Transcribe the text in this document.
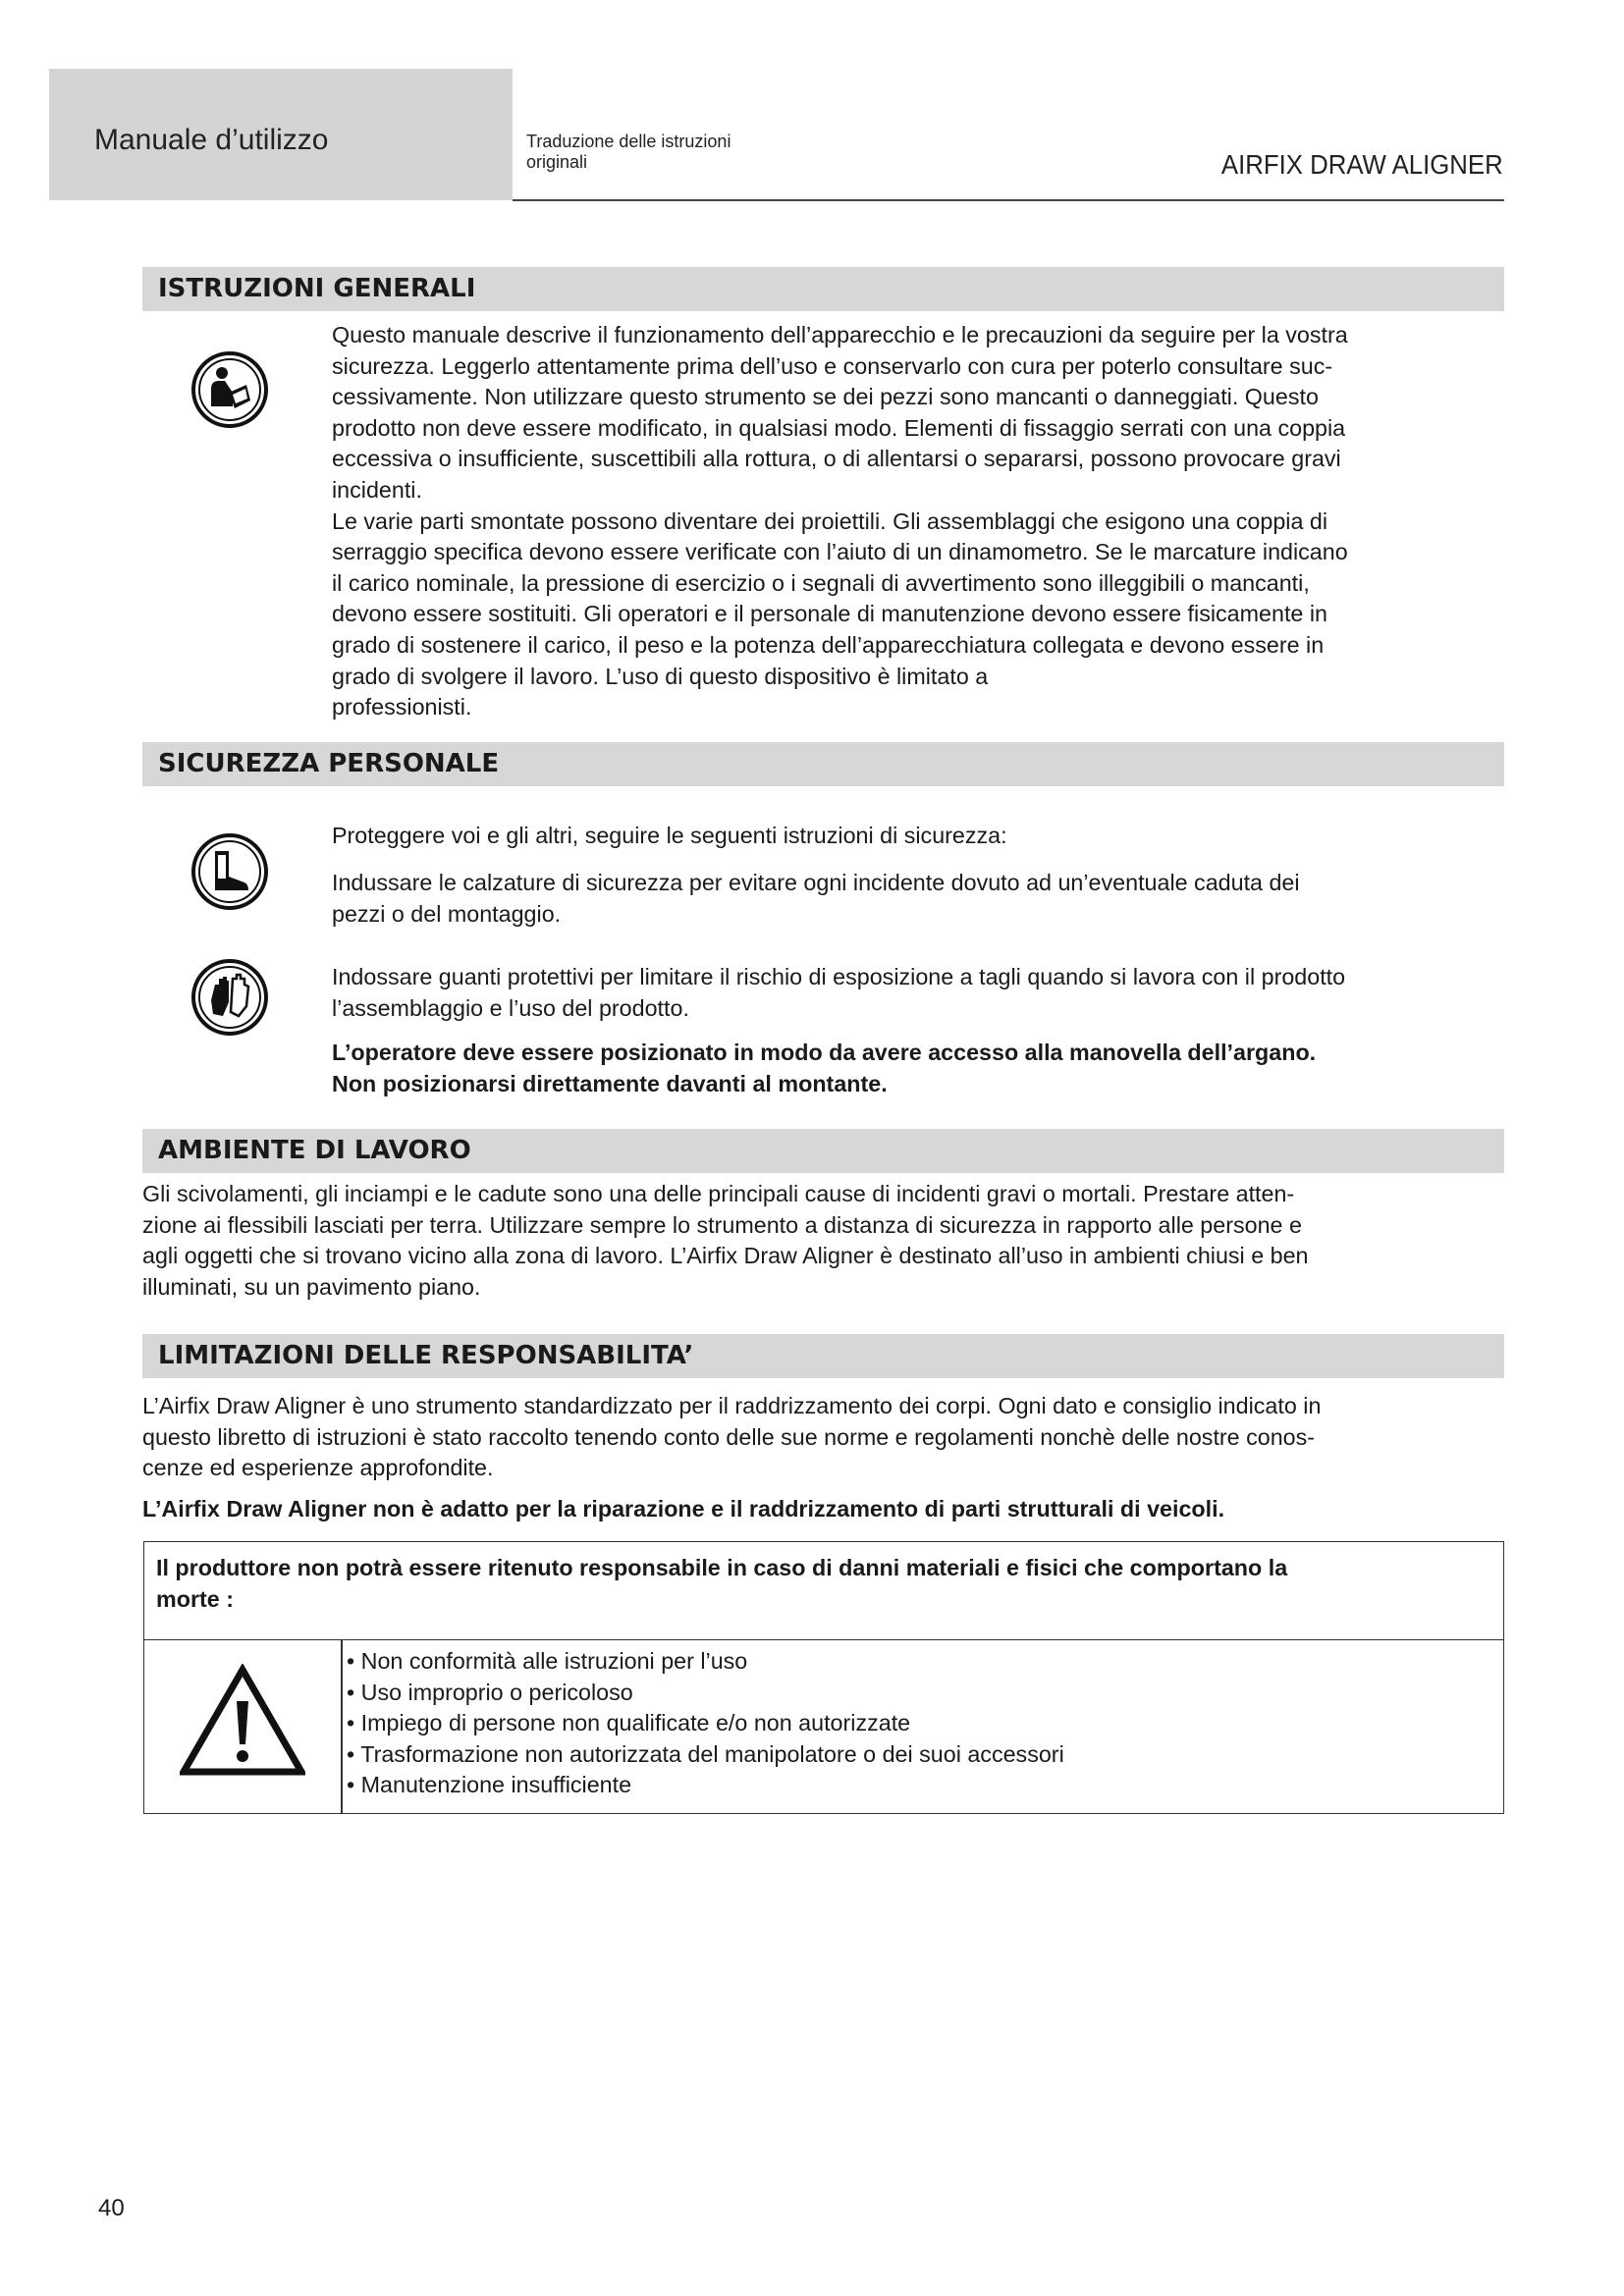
Manuale d’utilizzo	Traduzione delle istruzioni
originali	AIRFIX DRAW ALIGNER
ISTRUZIONI GENERALI
Questo manuale descrive il funzionamento dell’apparecchio e le precauzioni da seguire per la vostra
sicurezza. Leggerlo attentamente prima dell’uso e conservarlo con cura per poterlo consultare suc-
cessivamente. Non utilizzare questo strumento se dei pezzi sono mancanti o danneggiati. Questo
prodotto non deve essere modificato, in qualsiasi modo. Elementi di fissaggio serrati con una coppia
eccessiva o insufficiente, suscettibili alla rottura, o di allentarsi o separarsi, possono provocare gravi
incidenti.
Le varie parti smontate possono diventare dei proiettili. Gli assemblaggi che esigono una coppia di
serraggio specifica devono essere verificate con l’aiuto di un dinamometro. Se le marcature indicano
il carico nominale, la pressione di esercizio o i segnali di avvertimento sono illeggibili o mancanti,
devono essere sostituiti. Gli operatori e il personale di manutenzione devono essere fisicamente in
grado di sostenere il carico, il peso e la potenza dell’apparecchiatura collegata e devono essere in
grado di svolgere il lavoro. L’uso di questo dispositivo è limitato a
professionisti.
SICUREZZA PERSONALE
Proteggere voi e gli altri, seguire le seguenti istruzioni di sicurezza:
Indussare le calzature di sicurezza per evitare ogni incidente dovuto ad un’eventuale caduta dei
pezzi o del montaggio.
Indossare guanti protettivi per limitare il rischio di esposizione a tagli quando si lavora con il prodotto
l’assemblaggio e l’uso del prodotto.
L’operatore deve essere posizionato in modo da avere accesso alla manovella dell’argano.
Non posizionarsi direttamente davanti al montante.
AMBIENTE DI LAVORO
Gli scivolamenti, gli inciampi e le cadute sono una delle principali cause di incidenti gravi o mortali. Prestare atten-
zione ai flessibili lasciati per terra. Utilizzare sempre lo strumento a distanza di sicurezza in rapporto alle persone e
agli oggetti che si trovano vicino alla zona di lavoro. L’Airfix Draw Aligner è destinato all’uso in ambienti chiusi e ben
illuminati, su un pavimento piano.
LIMITAZIONI DELLE RESPONSABILITA’
L’Airfix Draw Aligner è uno strumento standardizzato per il raddrizzamento dei corpi. Ogni dato e consiglio indicato in
questo libretto di istruzioni è stato raccolto tenendo conto delle sue norme e regolamenti nonchè delle nostre conos-
cenze ed esperienze approfondite.
L’Airfix Draw Aligner non è adatto per la riparazione e il raddrizzamento di parti strutturali di veicoli.
Il produttore non potrà essere ritenuto responsabile in caso di danni materiali e fisici che comportano la
morte :
• Non conformità alle istruzioni per l’uso
• Uso improprio o pericoloso
• Impiego di persone non qualificate e/o non autorizzate
• Trasformazione non autorizzata del manipolatore o dei suoi accessori
• Manutenzione insufficiente
40
